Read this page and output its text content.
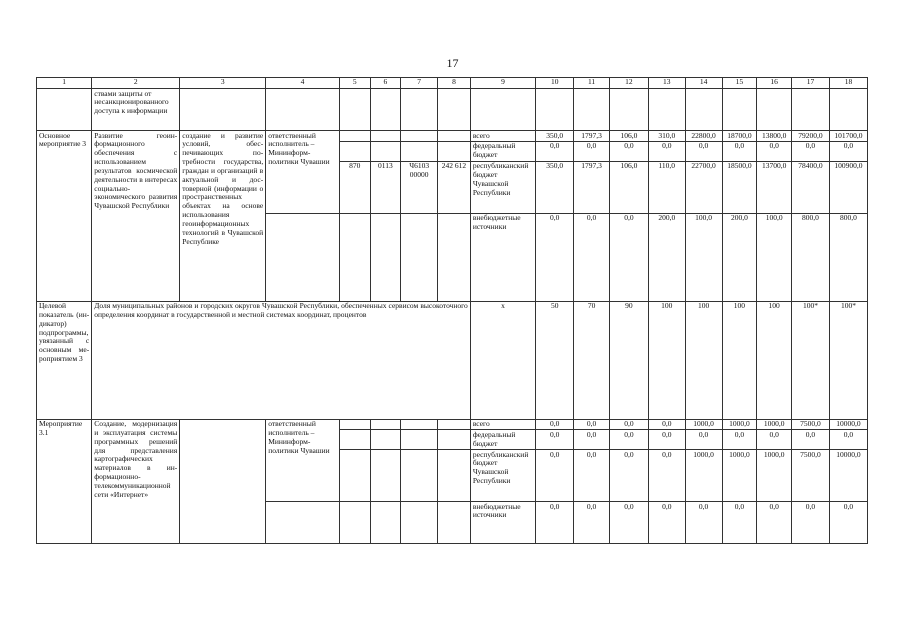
17
1	2	3	4	5	6	7	8	9	10	11	12	13	14	15	16	17	18
	ствами защиты от несанкционированного доступа к информации																
Основное мероприятие 3	Развитие геоинформационного обеспечения с использованием результатов космической деятельности в интересах социально-экономического развития Чувашской Республики	создание и развитие условий, обеспечивающих потребности государства, граждан и организаций в актуальной и достоверной (информации о пространственных объектах на основе использования геоинформационных технологий в Чувашской Республике	ответственный исполнитель – Мининформполитики Чувашии					всего	350,0	1797,3	106,0	310,0	22800,0	18700,0	13800,0	79200,0	101700,0
								федеральный бюджет	0,0	0,0	0,0	0,0	0,0	0,0	0,0	0,0	0,0
				870	0113	Ч6103 00000	242 612	республиканский бюджет Чувашской Республики	350,0	1797,3	106,0	110,0	22700,0	18500,0	13700,0	78400,0	100900,0
								внебюджетные источники	0,0	0,0	0,0	200,0	100,0	200,0	100,0	800,0	800,0
Целевой показатель (индикатор) подпрограммы, увязанный с основным мероприятием 3	Доля муниципальных районов и городских округов Чувашской Республики, обеспеченных сервисом высокоточного определения координат в государственной и местной системах координат, процентов							x	50	70	90	100	100	100	100	100*	100*
Мероприятие 3.1	Создание, модернизация и эксплуатация системы программных решений для представления картографических материалов в информационно-телекоммуникационной сети «Интернет»		ответственный исполнитель – Мининформполитики Чувашии					всего	0,0	0,0	0,0	0,0	1000,0	1000,0	1000,0	7500,0	10000,0
								федеральный бюджет	0,0	0,0	0,0	0,0	0,0	0,0	0,0	0,0	0,0
								республиканский бюджет Чувашской Республики	0,0	0,0	0,0	0,0	1000,0	1000,0	1000,0	7500,0	10000,0
								внебюджетные источники	0,0	0,0	0,0	0,0	0,0	0,0	0,0	0,0	0,0
